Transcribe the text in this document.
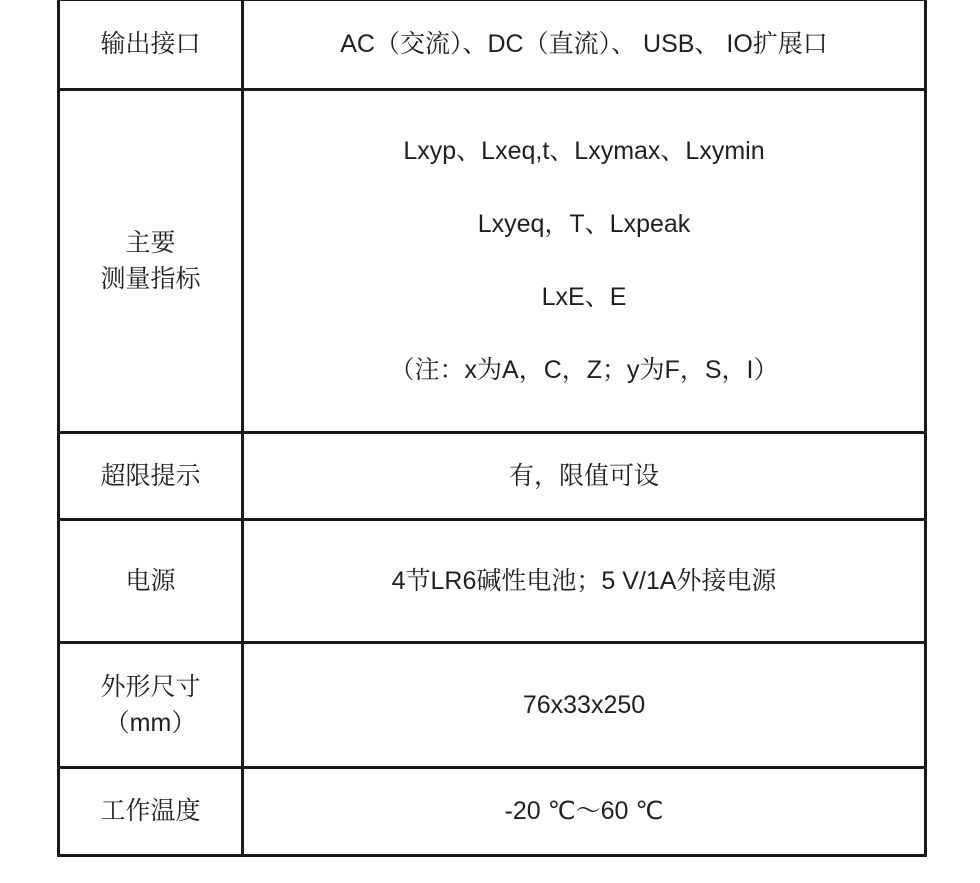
输出接口	AC（交流）、DC（直流）、 USB、 IO扩展口

主要
测量指标	Lxyp、Lxeq,t、Lxymax、Lxymin
Lxyeq，T、Lxpeak
LxE、E
（注：x为A，C，Z；y为F，S，I）

超限提示	有，限值可设

电源	4节LR6碱性电池；5 V/1A外接电源

外形尺寸
（mm）	76x33x250

工作温度	-20 ℃～60 ℃
